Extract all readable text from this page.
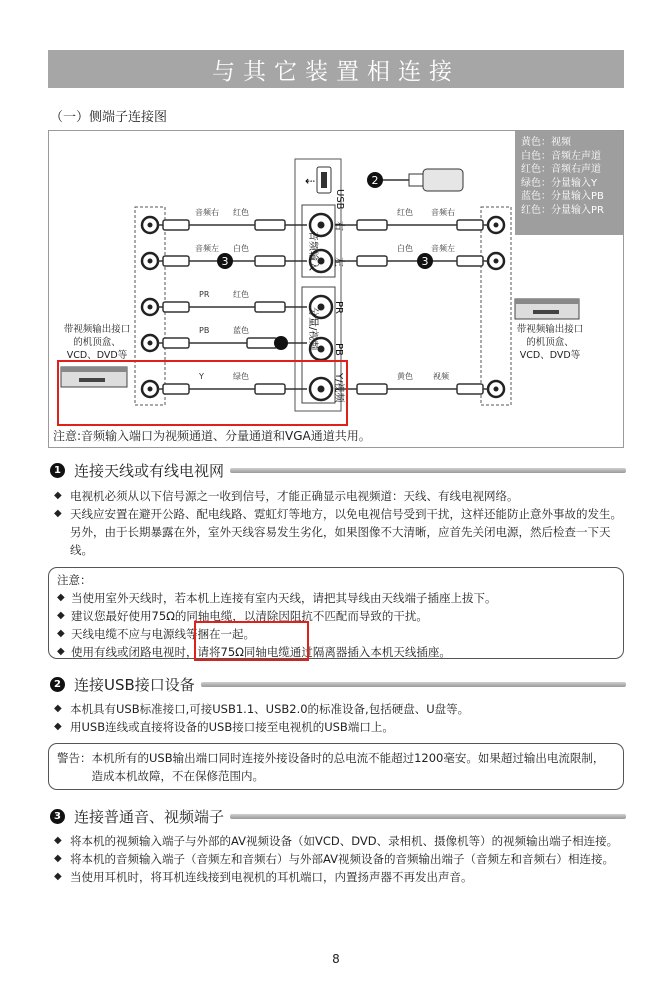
与其它装置相连接
（一）侧端子连接图
⇠	2
3	3
USB
音频输入
右
左
分量/视频 PR
PB
Y/视频
音频右 红色
音频左 白色
PR	红色
PB	蓝色
Y	绿色
红色 音频右
白色 音频左
黄色	视频
黄色：视频
白色：音频左声道
红色：音频右声道
绿色：分量输入Y
蓝色：分量输入PB
红色：分量输入PR
带视频输出接口
的机顶盒、
VCD、DVD等
带视频输出接口
的机顶盒、
VCD、DVD等
注意:音频输入端口为视频通道、分量通道和VGA通道共用。
1 连接天线或有线电视网
◆ 电视机必须从以下信号源之一收到信号，才能正确显示电视频道：天线、有线电视网络。
◆ 天线应安置在避开公路、配电线路、霓虹灯等地方，以免电视信号受到干扰，这样还能防止意外事故的发生。另外，由于长期暴露在外，室外天线容易发生劣化，如果图像不大清晰，应首先关闭电源，然后检查一下天线。
注意：
◆ 当使用室外天线时，若本机上连接有室内天线，请把其导线由天线端子插座上拔下。
◆ 建议您最好使用75Ω的同轴电缆，以清除因阻抗不匹配而导致的干扰。
◆ 天线电缆不应与电源线等捆在一起。
◆ 使用有线或闭路电视时，请将75Ω同轴电缆通过隔离器插入本机天线插座。
2 连接USB接口设备
◆ 本机具有USB标准接口,可接USB1.1、USB2.0的标准设备,包括硬盘、U盘等。
◆ 用USB连线或直接将设备的USB接口接至电视机的USB端口上。
警告： 本机所有的USB输出端口同时连接外接设备时的总电流不能超过1200毫安。如果超过输出电流限制，造成本机故障，不在保修范围内。
3 连接普通音、视频端子
◆ 将本机的视频输入端子与外部的AV视频设备（如VCD、DVD、录相机、摄像机等）的视频输出端子相连接。
◆ 将本机的音频输入端子（音频左和音频右）与外部AV视频设备的音频输出端子（音频左和音频右）相连接。
◆ 当使用耳机时，将耳机连线接到电视机的耳机端口，内置扬声器不再发出声音。
8
